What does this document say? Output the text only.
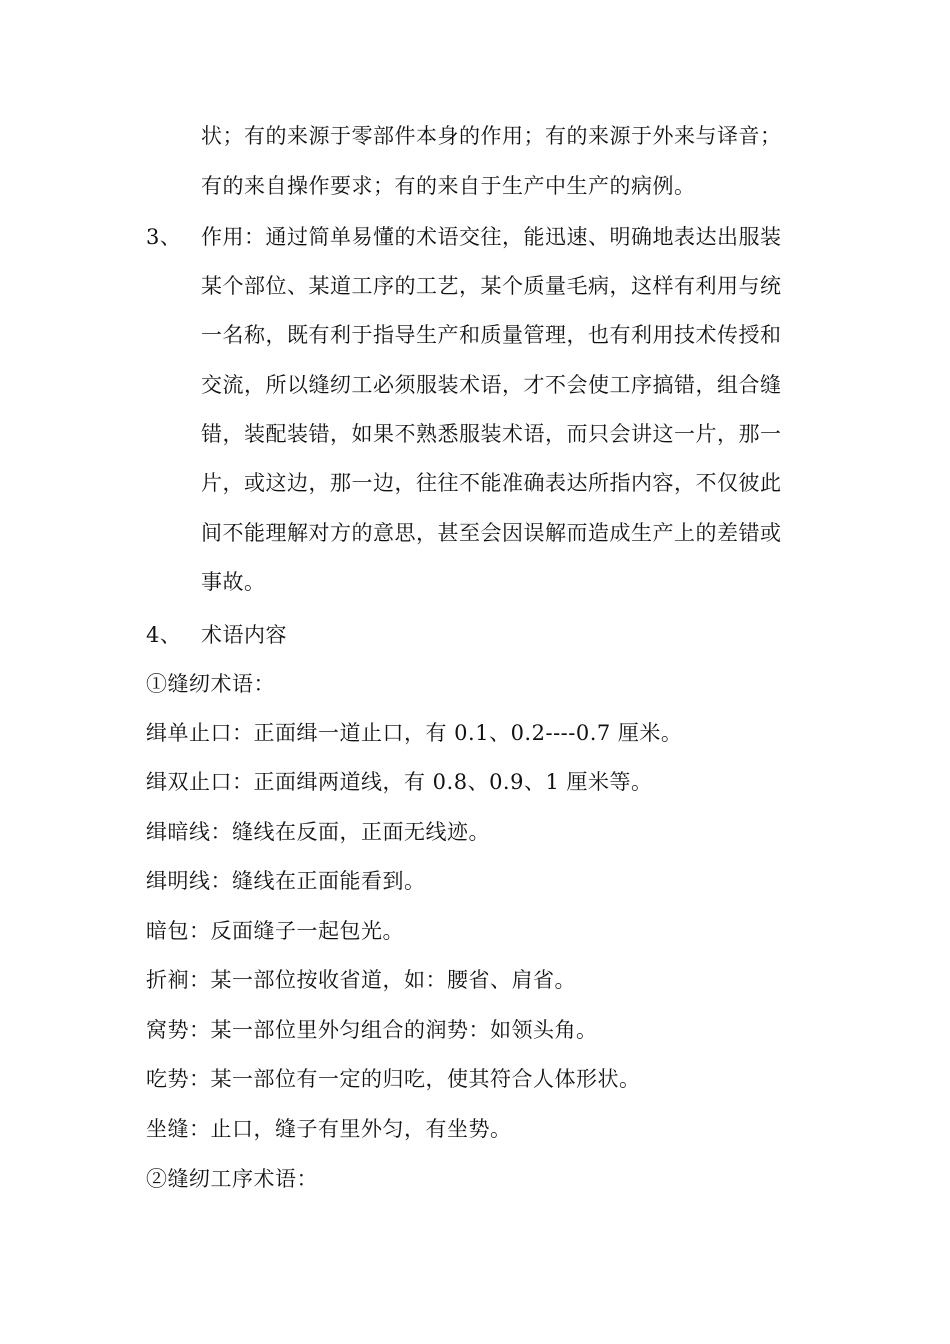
状；有的来源于零部件本身的作用；有的来源于外来与译音；
有的来自操作要求；有的来自于生产中生产的病例。
3、 作用：通过简单易懂的术语交往，能迅速、明确地表达出服装
某个部位、某道工序的工艺，某个质量毛病，这样有利用与统
一名称，既有利于指导生产和质量管理，也有利用技术传授和
交流，所以缝纫工必须服装术语，才不会使工序搞错，组合缝
错，装配装错，如果不熟悉服装术语，而只会讲这一片，那一
片，或这边，那一边，往往不能准确表达所指内容，不仅彼此
间不能理解对方的意思，甚至会因误解而造成生产上的差错或
事故。
4、 术语内容
①缝纫术语：
缉单止口：正面缉一道止口，有 0.1、0.2----0.7 厘米。
缉双止口：正面缉两道线，有 0.8、0.9、1 厘米等。
缉暗线：缝线在反面，正面无线迹。
缉明线：缝线在正面能看到。
暗包：反面缝子一起包光。
折裥：某一部位按收省道，如：腰省、肩省。
窝势：某一部位里外匀组合的润势：如领头角。
吃势：某一部位有一定的归吃，使其符合人体形状。
坐缝：止口，缝子有里外匀，有坐势。
②缝纫工序术语：
